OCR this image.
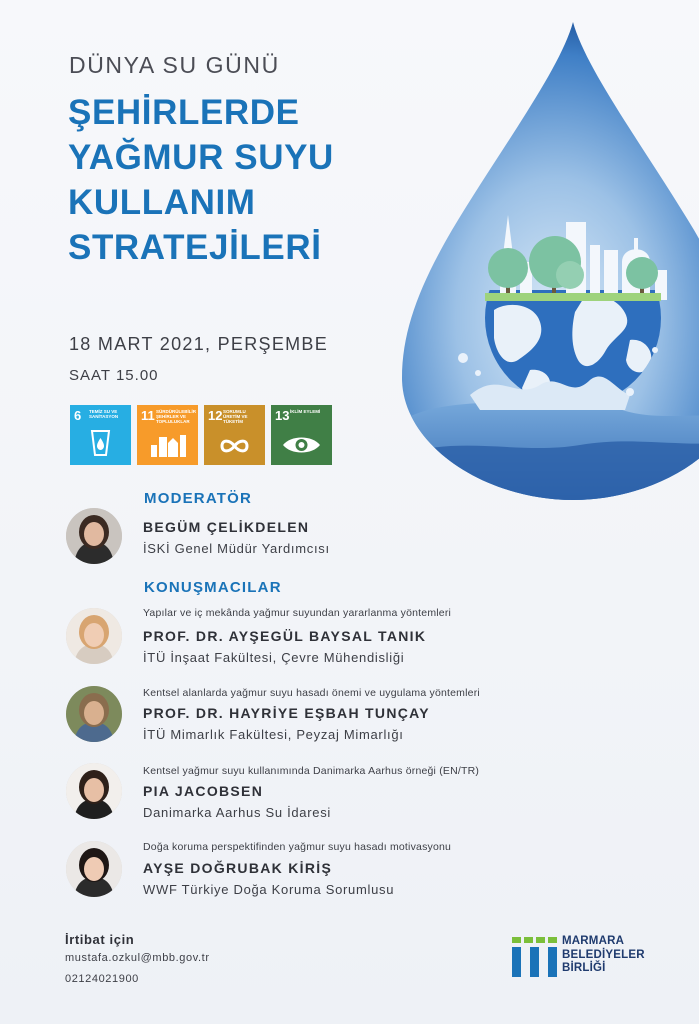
DÜNYA SU GÜNÜ
ŞEHİRLERDE
YAĞMUR SUYU
KULLANIM
STRATEJİLERİ
18 MART 2021, PERŞEMBE
SAAT 15.00
6 TEMİZ SU VE SANİTASYON	11 SÜRDÜRÜLEBİLİR ŞEHİRLER VE TOPLULUKLAR	12 SORUMLU ÜRETİM VE TÜKETİM	13 İKLİM EYLEMİ
MODERATÖR
BEGÜM ÇELİKDELEN
İSKİ Genel Müdür Yardımcısı
KONUŞMACILAR
Yapılar ve iç mekânda yağmur suyundan yararlanma yöntemleri
PROF. DR. AYŞEGÜL BAYSAL TANIK
İTÜ İnşaat Fakültesi, Çevre Mühendisliği
Kentsel alanlarda yağmur suyu hasadı önemi ve uygulama yöntemleri
PROF. DR. HAYRİYE EŞBAH TUNÇAY
İTÜ Mimarlık Fakültesi, Peyzaj Mimarlığı
Kentsel yağmur suyu kullanımında Danimarka Aarhus örneği (EN/TR)
PIA JACOBSEN
Danimarka Aarhus Su İdaresi
Doğa koruma perspektifinden yağmur suyu hasadı motivasyonu
AYŞE DOĞRUBAK KİRİŞ
WWF Türkiye Doğa Koruma Sorumlusu
İrtibat için
mustafa.ozkul@mbb.gov.tr
02124021900
MARMARA
BELEDİYELER
BİRLİĞİ
